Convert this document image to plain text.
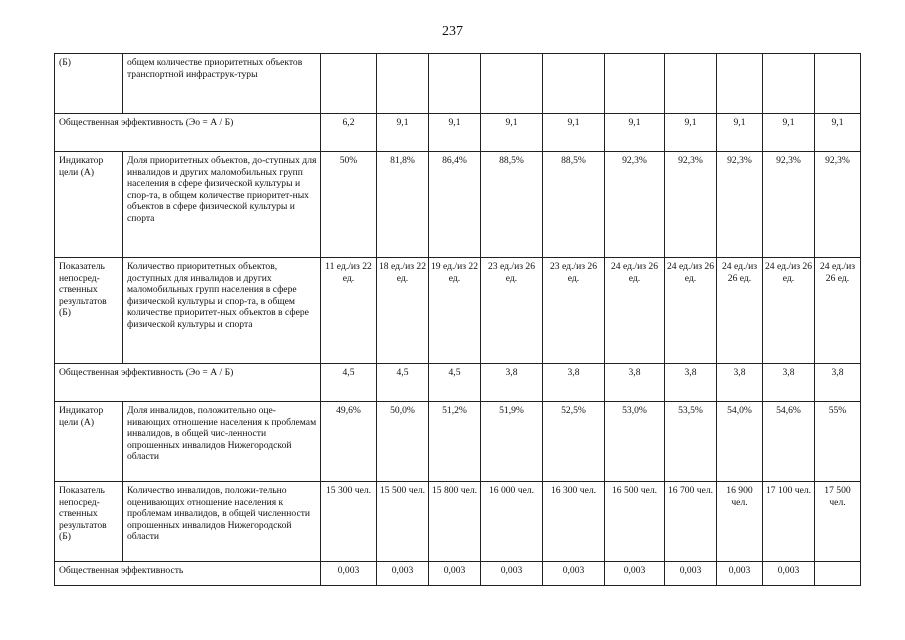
237
(Б)	общем количестве приоритетных объектов транспортной инфраструк-туры										
Общественная эффективность (Эо = А / Б)		6,2	9,1	9,1	9,1	9,1	9,1	9,1	9,1	9,1	9,1
Индикатор цели (А)	Доля приоритетных объектов, до-ступных для инвалидов и других маломобильных групп населения в сфере физической культуры и спор-та, в общем количестве приоритет-ных объектов в сфере физической культуры и спорта	50%	81,8%	86,4%	88,5%	88,5%	92,3%	92,3%	92,3%	92,3%	92,3%
Показатель непосред-ственных результатов (Б)	Количество приоритетных объектов, доступных для инвалидов и других маломобильных групп населения в сфере физической культуры и спор-та, в общем количестве приоритет-ных объектов в сфере физической культуры и спорта	11 ед./из 22 ед.	18 ед./из 22 ед.	19 ед./из 22 ед.	23 ед./из 26 ед.	23 ед./из 26 ед.	24 ед./из 26 ед.	24 ед./из 26 ед.	24 ед./из 26 ед.	24 ед./из 26 ед.	24 ед./из 26 ед.
Общественная эффективность (Эо = А / Б)		4,5	4,5	4,5	3,8	3,8	3,8	3,8	3,8	3,8	3,8
Индикатор цели (А)	Доля инвалидов, положительно оце-нивающих отношение населения к проблемам инвалидов, в общей чис-ленности опрошенных инвалидов Нижегородской области	49,6%	50,0%	51,2%	51,9%	52,5%	53,0%	53,5%	54,0%	54,6%	55%
Показатель непосред-ственных результатов (Б)	Количество инвалидов, положи-тельно оценивающих отношение населения к проблемам инвалидов, в общей численности опрошенных инвалидов Нижегородской области	15 300 чел.	15 500 чел.	15 800 чел.	16 000 чел.	16 300 чел.	16 500 чел.	16 700 чел.	16 900 чел.	17 100 чел.	17 500 чел.
Общественная эффективность		0,003	0,003	0,003	0,003	0,003	0,003	0,003	0,003	0,003	
